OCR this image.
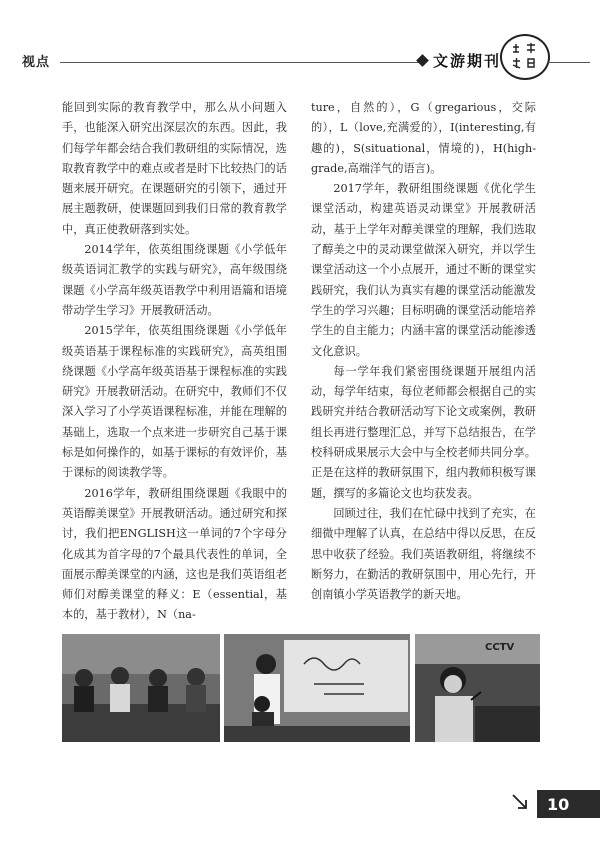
视点	文游期刊

能回到实际的教育教学中，那么从小问题入手，也能深入研究出深层次的东西。因此，我们每学年都会结合我们教研组的实际情况，选取教育教学中的难点或者是时下比较热门的话题来展开研究。在课题研究的引领下，通过开展主题教研，使课题回到我们日常的教育教学中，真正使教研落到实处。

2014学年，依英组围绕课题《小学低年级英语词汇教学的实践与研究》，高年级围绕课题《小学高年级英语教学中利用语篇和语境带动学生学习》开展教研活动。

2015学年，依英组围绕课题《小学低年级英语基于课程标准的实践研究》，高英组围绕课题《小学高年级英语基于课程标准的实践研究》开展教研活动。在研究中，教师们不仅深入学习了小学英语课程标准，并能在理解的基础上，选取一个点来进一步研究自己基于课标是如何操作的，如基于课标的有效评价，基于课标的阅读教学等。

2016学年，教研组围绕课题《我眼中的英语醇美课堂》开展教研活动。通过研究和探讨，我们把ENGLISH这一单词的7个字母分化成其为首字母的7个最具代表性的单词，全面展示醇美课堂的内涵，这也是我们英语组老师们对醇美课堂的释义：E（essential，基本的，基于教材），N（na-

ture，自然的），G（gregarious，交际的），L（love,充满爱的），I(interesting,有趣的)，S(situational，情境的)，H(high-grade,高端洋气的语言)。

2017学年，教研组围绕课题《优化学生课堂活动，构建英语灵动课堂》开展教研活动，基于上学年对醇美课堂的理解，我们选取了醇美之中的灵动课堂做深入研究，并以学生课堂活动这一个小点展开，通过不断的课堂实践研究，我们认为真实有趣的课堂活动能激发学生的学习兴趣；目标明确的课堂活动能培养学生的自主能力；内涵丰富的课堂活动能渗透文化意识。

每一学年我们紧密围绕课题开展组内活动，每学年结束，每位老师都会根据自己的实践研究并结合教研活动写下论文或案例，教研组长再进行整理汇总，并写下总结报告，在学校科研成果展示大会中与全校老师共同分享。正是在这样的教研氛围下，组内教师积极写课题，撰写的多篇论文也均获发表。

回顾过往，我们在忙碌中找到了充实，在细微中理解了认真，在总结中得以反思，在反思中收获了经验。我们英语教研组，将继续不断努力，在勤活的教研氛围中，用心先行，开创南镇小学英语教学的新天地。

CCTV
10
